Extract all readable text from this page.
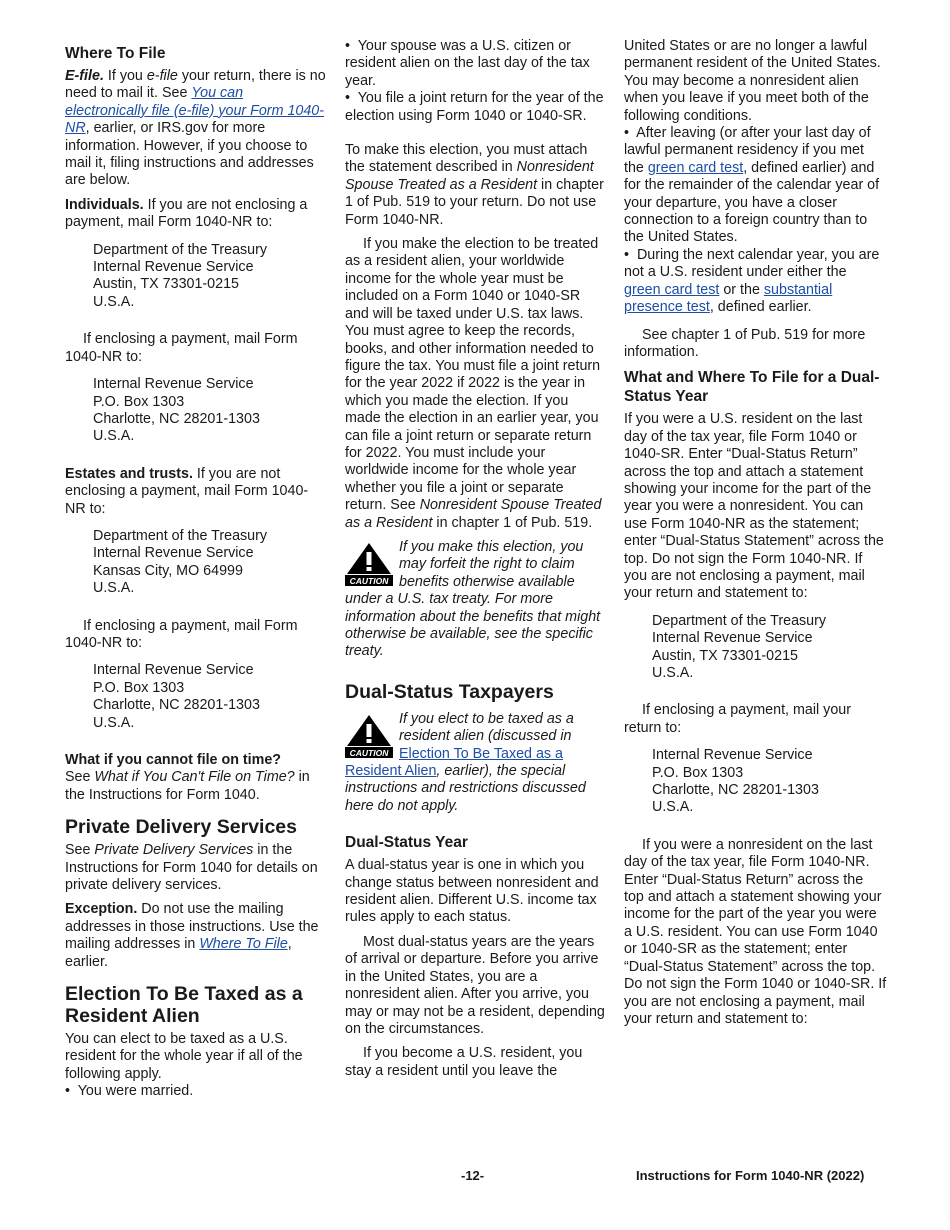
Where To File

E-file. If you e-file your return, there is no need to mail it. See You can electronically file (e-file) your Form 1040-NR, earlier, or IRS.gov for more information. However, if you choose to mail it, filing instructions and addresses are below.

Individuals. If you are not enclosing a payment, mail Form 1040-NR to:

Department of the Treasury
Internal Revenue Service
Austin, TX 73301-0215
U.S.A.

If enclosing a payment, mail Form 1040-NR to:

Internal Revenue Service
P.O. Box 1303
Charlotte, NC 28201-1303
U.S.A.

Estates and trusts. If you are not enclosing a payment, mail Form 1040-NR to:

Department of the Treasury
Internal Revenue Service
Kansas City, MO 64999
U.S.A.

If enclosing a payment, mail Form 1040-NR to:

Internal Revenue Service
P.O. Box 1303
Charlotte, NC 28201-1303
U.S.A.

What if you cannot file on time?
See What if You Can't File on Time? in the Instructions for Form 1040.

Private Delivery Services

See Private Delivery Services in the Instructions for Form 1040 for details on private delivery services.

Exception. Do not use the mailing addresses in those instructions. Use the mailing addresses in Where To File, earlier.

Election To Be Taxed as a Resident Alien
You can elect to be taxed as a U.S. resident for the whole year if all of the following apply.
•  You were married.
•  Your spouse was a U.S. citizen or resident alien on the last day of the tax year.
•  You file a joint return for the year of the election using Form 1040 or 1040-SR.

To make this election, you must attach the statement described in Nonresident Spouse Treated as a Resident in chapter 1 of Pub. 519 to your return. Do not use Form 1040-NR.

If you make the election to be treated as a resident alien, your worldwide income for the whole year must be included on a Form 1040 or 1040-SR and will be taxed under U.S. tax laws. You must agree to keep the records, books, and other information needed to figure the tax. You must file a joint return for the year 2022 if 2022 is the year in which you made the election. If you made the election in an earlier year, you can file a joint return or separate return for 2022. You must include your worldwide income for the whole year whether you file a joint or separate return. See Nonresident Spouse Treated as a Resident in chapter 1 of Pub. 519.

CAUTION
If you make this election, you may forfeit the right to claim benefits otherwise available under a U.S. tax treaty. For more information about the benefits that might otherwise be available, see the specific treaty.
Dual-Status Taxpayers
CAUTION
If you elect to be taxed as a resident alien (discussed in Election To Be Taxed as a Resident Alien, earlier), the special instructions and restrictions discussed here do not apply.
Dual-Status Year

A dual-status year is one in which you change status between nonresident and resident alien. Different U.S. income tax rules apply to each status.

Most dual-status years are the years of arrival or departure. Before you arrive in the United States, you are a nonresident alien. After you arrive, you may or may not be a resident, depending on the circumstances.

If you become a U.S. resident, you stay a resident until you leave the

United States or are no longer a lawful permanent resident of the United States. You may become a nonresident alien when you leave if you meet both of the following conditions.
•  After leaving (or after your last day of lawful permanent residency if you met the green card test, defined earlier) and for the remainder of the calendar year of your departure, you have a closer connection to a foreign country than to the United States.
•  During the next calendar year, you are not a U.S. resident under either the green card test or the substantial presence test, defined earlier.

See chapter 1 of Pub. 519 for more information.

What and Where To File for a Dual-Status Year

If you were a U.S. resident on the last day of the tax year, file Form 1040 or 1040-SR. Enter “Dual-Status Return” across the top and attach a statement showing your income for the part of the year you were a nonresident. You can use Form 1040-NR as the statement; enter “Dual-Status Statement” across the top. Do not sign the Form 1040-NR. If you are not enclosing a payment, mail your return and statement to:

Department of the Treasury
Internal Revenue Service
Austin, TX 73301-0215
U.S.A.

If enclosing a payment, mail your return to:

Internal Revenue Service
P.O. Box 1303
Charlotte, NC 28201-1303
U.S.A.

If you were a nonresident on the last day of the tax year, file Form 1040-NR. Enter “Dual-Status Return” across the top and attach a statement showing your income for the part of the year you were a U.S. resident. You can use Form 1040 or 1040-SR as the statement; enter “Dual-Status Statement” across the top. Do not sign the Form 1040 or 1040-SR. If you are not enclosing a payment, mail your return and statement to:

-12-	Instructions for Form 1040-NR (2022)
